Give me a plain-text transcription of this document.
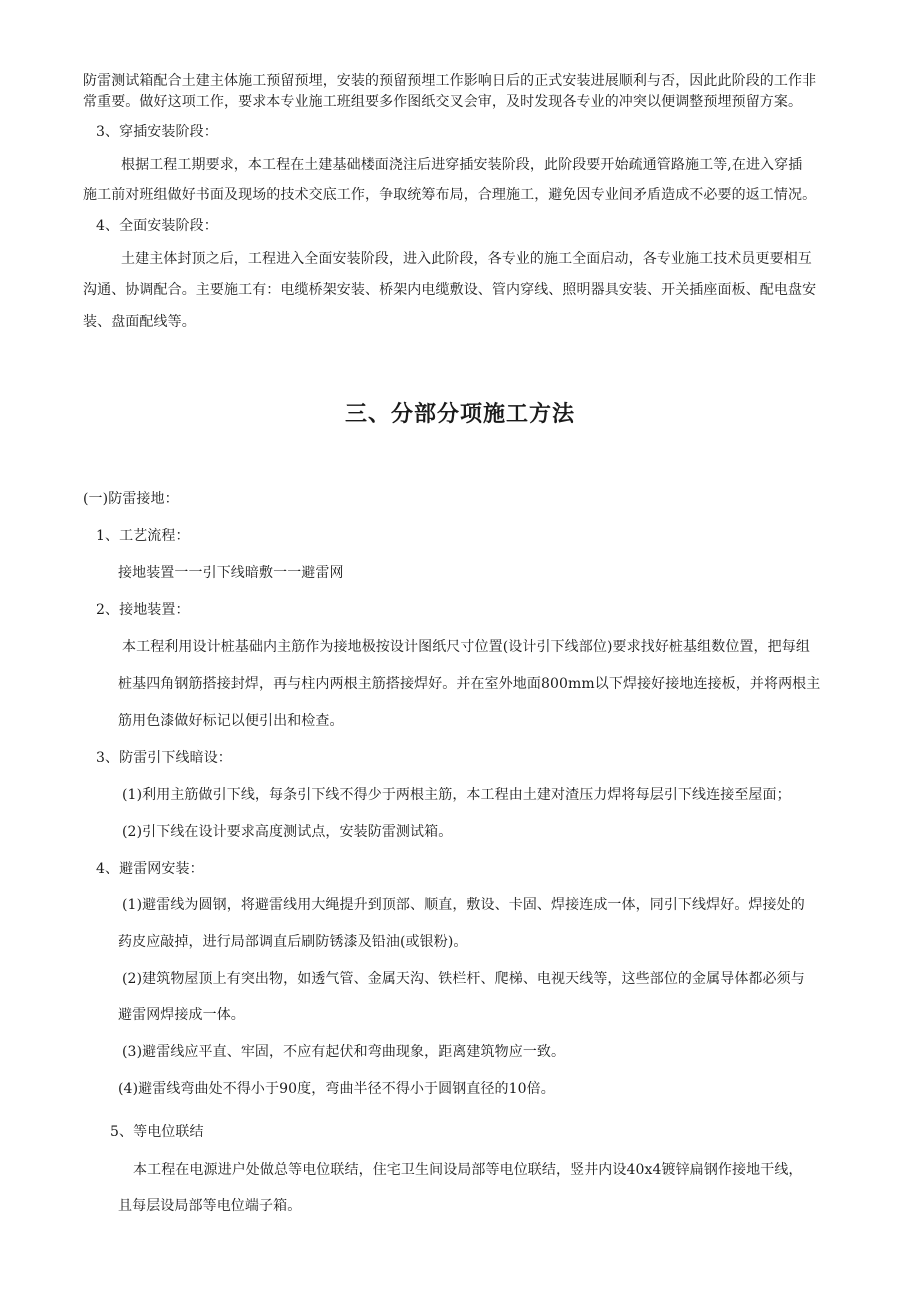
防雷测试箱配合土建主体施工预留预埋，安装的预留预埋工作影响日后的正式安装进展顺利与否，因此此阶段的工作非

常重要。做好这项工作，要求本专业施工班组要多作图纸交叉会审，及时发现各专业的冲突以便调整预埋预留方案。

3、穿插安装阶段：

根据工程工期要求，本工程在土建基础楼面浇注后进穿插安装阶段，此阶段要开始疏通管路施工等,在进入穿插

施工前对班组做好书面及现场的技术交底工作，争取统筹布局，合理施工，避免因专业间矛盾造成不必要的返工情况。

4、全面安装阶段：

土建主体封顶之后，工程进入全面安装阶段，进入此阶段，各专业的施工全面启动，各专业施工技术员更要相互

沟通、协调配合。主要施工有：电缆桥架安装、桥架内电缆敷设、管内穿线、照明器具安装、开关插座面板、配电盘安

装、盘面配线等。

三、分部分项施工方法

(一)防雷接地：

1、工艺流程：

接地装置一一引下线暗敷一一避雷网

2、接地装置：

本工程利用设计桩基础内主筋作为接地极按设计图纸尺寸位置(设计引下线部位)要求找好桩基组数位置，把每组

桩基四角钢筋搭接封焊，再与柱内两根主筋搭接焊好。并在室外地面800mm以下焊接好接地连接板，并将两根主

筋用色漆做好标记以便引出和检查。

3、防雷引下线暗设：

(1)利用主筋做引下线，每条引下线不得少于两根主筋，本工程由土建对渣压力焊将每层引下线连接至屋面；

(2)引下线在设计要求高度测试点，安装防雷测试箱。

4、避雷网安装：

(1)避雷线为圆钢，将避雷线用大绳提升到顶部、顺直，敷设、卡固、焊接连成一体，同引下线焊好。焊接处的

药皮应敲掉，进行局部调直后刷防锈漆及铅油(或银粉)。

(2)建筑物屋顶上有突出物，如透气管、金属天沟、铁栏杆、爬梯、电视天线等，这些部位的金属导体都必须与

避雷网焊接成一体。

(3)避雷线应平直、牢固，不应有起伏和弯曲现象，距离建筑物应一致。

(4)避雷线弯曲处不得小于90度，弯曲半径不得小于圆钢直径的10倍。

5、等电位联结

本工程在电源进户处做总等电位联结，住宅卫生间设局部等电位联结，竖井内设40x4镀锌扁钢作接地干线，

且每层设局部等电位端子箱。
